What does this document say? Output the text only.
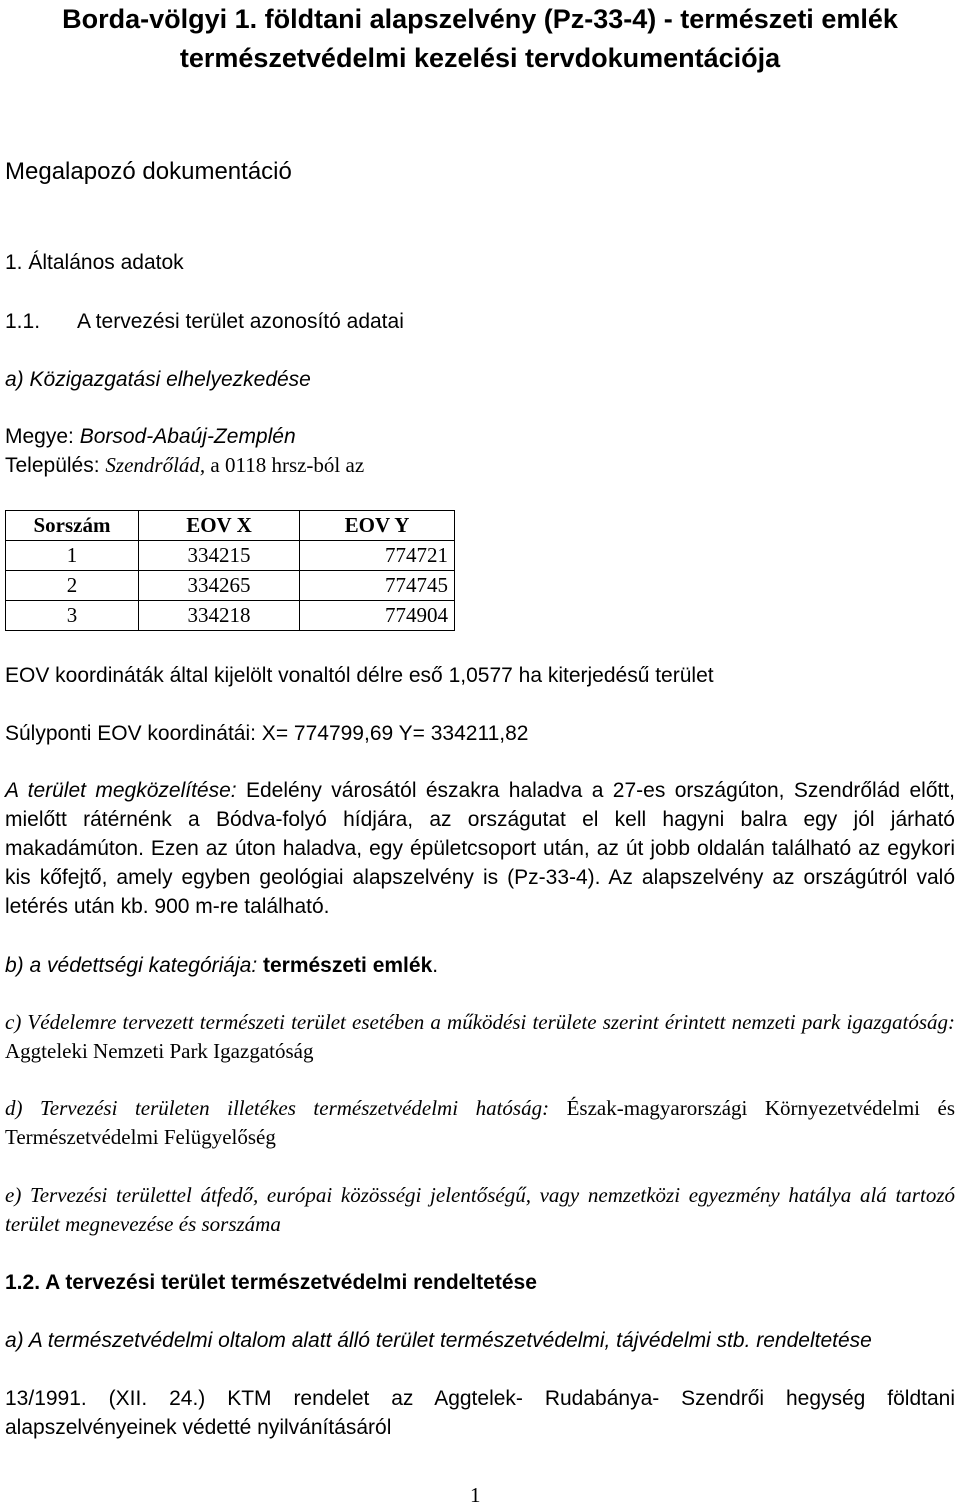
Borda-völgyi 1. földtani alapszelvény (Pz-33-4) - természeti emlék
természetvédelmi kezelési tervdokumentációja
Megalapozó dokumentáció
1. Általános adatok
1.1. A tervezési terület azonosító adatai
a) Közigazgatási elhelyezkedése
Megye: Borsod-Abaúj-Zemplén
Település: Szendrőlád, a 0118 hrsz-ból az
Sorszám	EOV X	EOV Y
1	334215	774721
2	334265	774745
3	334218	774904
EOV koordináták által kijelölt vonaltól délre eső 1,0577 ha kiterjedésű terület
Súlyponti EOV koordinátái: X= 774799,69 Y= 334211,82
A terület megközelítése: Edelény városától északra haladva a 27-es országúton, Szendrőlád előtt, mielőtt rátérnénk a Bódva-folyó hídjára, az országutat el kell hagyni balra egy jól járható makadámúton. Ezen az úton haladva, egy épületcsoport után, az út jobb oldalán található az egykori kis kőfejtő, amely egyben geológiai alapszelvény is (Pz-33-4). Az alapszelvény az országútról való letérés után kb. 900 m-re található.
b) a védettségi kategóriája: természeti emlék.
c) Védelemre tervezett természeti terület esetében a működési területe szerint érintett nemzeti park igazgatóság: Aggteleki Nemzeti Park Igazgatóság
d) Tervezési területen illetékes természetvédelmi hatóság: Észak-magyarországi Környezetvédelmi és Természetvédelmi Felügyelőség
e) Tervezési területtel átfedő, európai közösségi jelentőségű, vagy nemzetközi egyezmény hatálya alá tartozó terület megnevezése és sorszáma
1.2. A tervezési terület természetvédelmi rendeltetése
a) A természetvédelmi oltalom alatt álló terület természetvédelmi, tájvédelmi stb. rendeltetése
13/1991. (XII. 24.) KTM rendelet az Aggtelek- Rudabánya- Szendrői hegység földtani alapszelvényeinek védetté nyilvánításáról
1
